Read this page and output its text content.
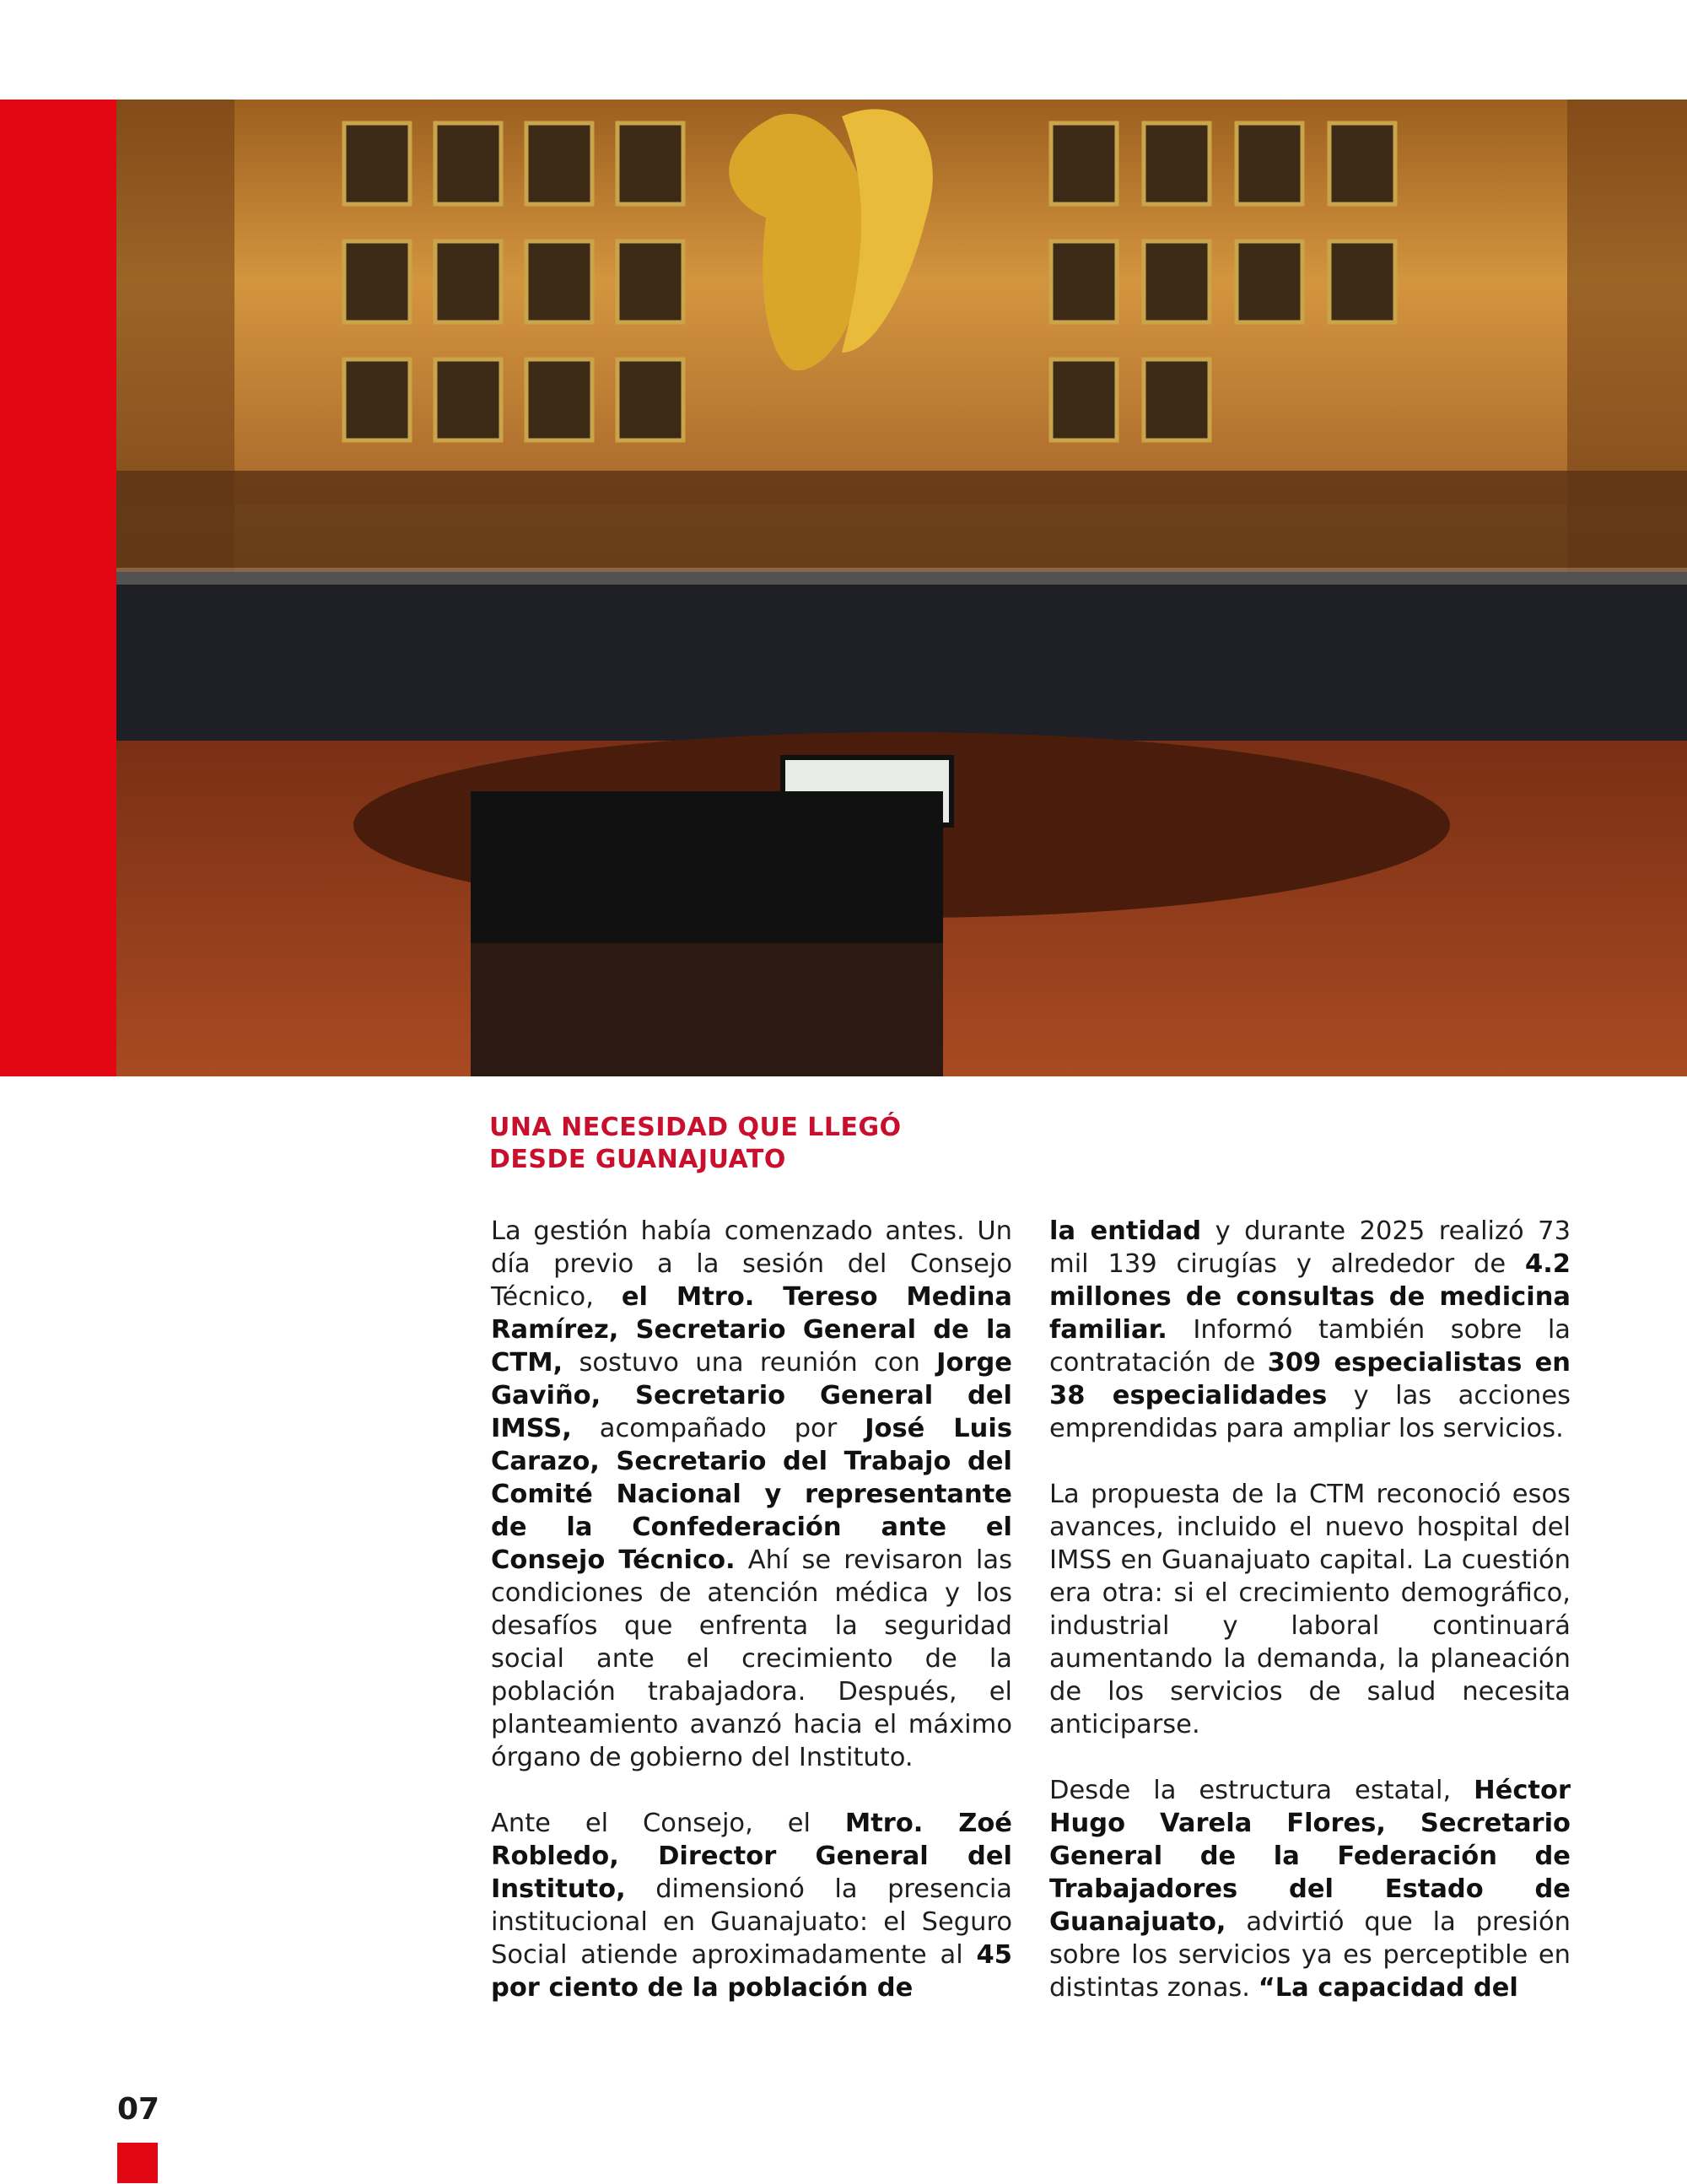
UNA NECESIDAD QUE LLEGÓ
DESDE GUANAJUATO

La gestión había comenzado antes. Un día previo a la sesión del Consejo Técnico, el Mtro. Tereso Medina Ramírez, Secretario General de la CTM, sostuvo una reunión con Jorge Gaviño, Secretario General del IMSS, acompañado por José Luis Carazo, Secretario del Trabajo del Comité Nacional y representante de la Confederación ante el Consejo Técnico. Ahí se revisaron las condiciones de atención médica y los desafíos que enfrenta la seguridad social ante el crecimiento de la población trabajadora. Después, el planteamiento avanzó hacia el máximo órgano de gobierno del Instituto.

Ante el Consejo, el Mtro. Zoé Robledo, Director General del Instituto, dimensionó la presencia institucional en Guanajuato: el Seguro Social atiende aproximadamente al 45 por ciento de la población de

la entidad y durante 2025 realizó 73 mil 139 cirugías y alrededor de 4.2 millones de consultas de medicina familiar. Informó también sobre la contratación de 309 especialistas en 38 especialidades y las acciones emprendidas para ampliar los servicios.

La propuesta de la CTM reconoció esos avances, incluido el nuevo hospital del IMSS en Guanajuato capital. La cuestión era otra: si el crecimiento demográfico, industrial y laboral continuará aumentando la demanda, la planeación de los servicios de salud necesita anticiparse.

Desde la estructura estatal, Héctor Hugo Varela Flores, Secretario General de la Federación de Trabajadores del Estado de Guanajuato, advirtió que la presión sobre los servicios ya es perceptible en distintas zonas. “La capacidad del

07
